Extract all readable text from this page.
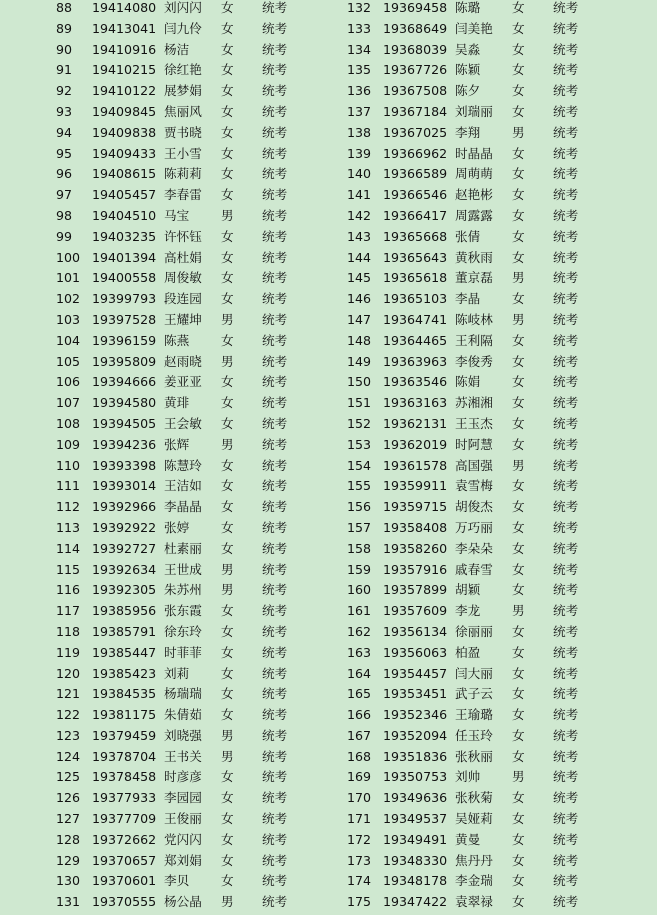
88 19414080 刘闪闪 女 统考
89 19413041 闫九伶 女 统考
90 19410916 杨洁	女 统考
91 19410215 徐红艳 女 统考
92 19410122 展梦娟 女 统考
93 19409845 焦丽风 女 统考
94 19409838 贾书晓 女 统考
95 19409433 王小雪 女 统考
96 19408615 陈莉莉 女 统考
97 19405457 李春雷 女 统考
98 19404510 马宝	男 统考
99 19403235 许怀钰 女 统考
100 19401394 高杜娟 女 统考
101 19400558 周俊敏 女 统考
102 19399793 段连园 女 统考
103 19397528 王耀坤 男 统考
104 19396159 陈燕	女 统考
105 19395809 赵雨晓 男 统考
106 19394666 姜亚亚 女 统考
107 19394580 黄琲	女 统考
108 19394505 王会敏 女 统考
109 19394236 张辉	男 统考
110 19393398 陈慧玲 女 统考
111 19393014 王洁如 女 统考
112 19392966 李晶晶 女 统考
113 19392922 张婷	女 统考
114 19392727 杜素丽 女 统考
115 19392634 王世成 男 统考
116 19392305 朱苏州 男 统考
117 19385956 张东霞 女 统考
118 19385791 徐东玲 女 统考
119 19385447 时菲菲 女 统考
120 19385423 刘莉	女 统考
121 19384535 杨瑞瑞 女 统考
122 19381175 朱倩茹 女 统考
123 19379459 刘晓强 男 统考
124 19378704 王书关 男 统考
125 19378458 时彦彦 女 统考
126 19377933 李园园 女 统考
127 19377709 王俊丽 女 统考
128 19372662 党闪闪 女 统考
129 19370657 郑刘娟 女 统考
130 19370601 李贝	女 统考
131 19370555 杨公晶 男 统考
132 19369458 陈璐	女 统考
133 19368649 闫美艳 女 统考
134 19368039 吴淼	女 统考
135 19367726 陈颖	女 统考
136 19367508 陈夕	女 统考
137 19367184 刘瑞丽 女 统考
138 19367025 李翔	男 统考
139 19366962 时晶晶 女 统考
140 19366589 周萌萌 女 统考
141 19366546 赵艳彬 女 统考
142 19366417 周露露 女 统考
143 19365668 张倩	女 统考
144 19365643 黄秋雨 女 统考
145 19365618 董京磊 男 统考
146 19365103 李晶	女 统考
147 19364741 陈岐林 男 统考
148 19364465 王利隔 女 统考
149 19363963 李俊秀 女 统考
150 19363546 陈娟	女 统考
151 19363163 苏湘湘 女 统考
152 19362131 王玉杰 女 统考
153 19362019 时阿慧 女 统考
154 19361578 高国强 男 统考
155 19359911 袁雪梅 女 统考
156 19359715 胡俊杰 女 统考
157 19358408 万巧丽 女 统考
158 19358260 李朵朵 女 统考
159 19357916 戚春雪 女 统考
160 19357899 胡颖	女 统考
161 19357609 李龙	男 统考
162 19356134 徐丽丽 女 统考
163 19356063 柏盈	女 统考
164 19354457 闫大丽 女 统考
165 19353451 武子云 女 统考
166 19352346 王瑜璐 女 统考
167 19352094 任玉玲 女 统考
168 19351836 张秋丽 女 统考
169 19350753 刘帅	男 统考
170 19349636 张秋菊 女 统考
171 19349537 吴娅莉 女 统考
172 19349491 黄曼	女 统考
173 19348330 焦丹丹 女 统考
174 19348178 李金瑞 女 统考
175 19347422 袁翠禄 女 统考
